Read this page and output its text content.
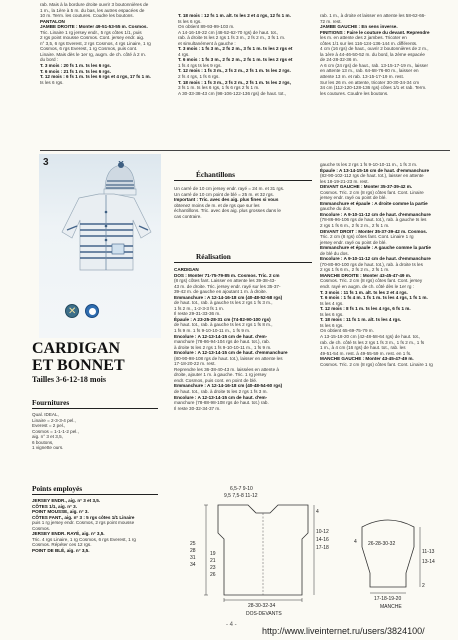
rab. Mais à la bordure droite ouvrir 3 boutonnières de

1 m., la 1ère à 5 m. du bas, les autres espacées de

10 m. Term. les coutures. Coudre les boutons.

PANTALON

JAMBE DROITE : Monter 49-51-53-55 m. Cosmos.

Tric. Linaire 1 rg jersey endr., 5 rgs côtes 1/1, puis

2 rgs point mousse Cosmos. Cont. jersey endr. aig.

n° 3,5, 6 rgs Everest, 2 rgs Cosmos, 4 rgs Linaire, 1 rg

Cosmos, 6 rgs Everest, 1 rg Cosmos, puis cont.

Linaire. Mais dès le 1er rg, augm. de ch. côté à 2 m.

du bord :

T. 3 mois : 20 fs 1 m. ts les 6 rgs.

T. 6 mois : 21 fs 1 m. ts les 6 rgs.

T. 12 mois : 6 fs 1 m. ts les 6 rgs et 4 rgs, 17 fs 1 m.

ts les 6 rgs.

T. 18 mois : 12 fs 1 m. alt. ts les 2 et 4 rgs, 12 fs 1 m.

ts les 6 rgs.

On obtient 89-93-99-103 m.

A 14-16-19-22 cm (48-52-62-70 rgs) de haut. tot.,

rab. à droite ts les 2 rgs 1 fs 3 m., 2 fs 2 m., 3 fs 1 m.

et simultanément à gauche :

T. 3 mois : 1 fs 3 m., 2 fs 2 m., 3 fs 1 m. ts les 2 rgs et

4 rgs.

T. 6 mois : 1 fs 3 m., 2 fs 2 m., 2 fs 1 m. ts les 2 rgs et

1 fs 4 rgs ts les 9 rgs.

T. 12 mois : 1 fs 3 m., 2 fs 2 m., 2 fs 1 m. ts les 2 rgs.

2 fs 4 rgs, 1 fs 6 rgs.

T. 18 mois : 1 fs 3 m., 2 fs 2 m., 2 fs 1 m. ts les 2 rgs,

3 fs 1 m. ts les 6 rgs, 1 fs 6 rgs 2 fs 1 m.

A 30-33-38-43 cm (98-106-122-136 rgs) de haut. tot.,

rab. 1 m., à droite et laisser en attente les 58-62-66-

72 m. rest.

JAMBE GAUCHE : En sens inverse.

FINITIONS : Faire le couture du devant. Reprendre

les m. en attente des 2 jambes. Tricoter en

côtes 1/1 sur les 116-124-136-144 m. différents.

4 cm (16 rgs) de haut., ouvrir 2 boutonnières de 2 m.,

la 1ère à 44-46-50-52 m. du bord, la 2ème espacée

de 24-28-32-36 m.

A 6 cm (24 rgs) de haut., rab. 13-15-17-19 m., laisser

en attente 13 m., rab. 64-68-76-80 m., laisser en

attente 13 m. et rab. 13-15-17-19 m. rest.

Sur les 26 m. en attente, tricoter 30-30-34-34 cm

34 cm (112-120-128-136 rgs) côtes 1/1 et rab. Term.

les coutures. Coudre les boutons.

3
✕
CARDIGAN
ET BONNET
Tailles 3-6-12-18 mois
Fournitures

Qual. IDEAL,

Linaire = 2-3-3-4 pel.,

Everest = 2 pel.,

Cosmos = 1-1-1-2 pel.,

aig. n° 3 et 3,5,

6 boutons,

1 vignette ours.

Points employés

JERSEY ENDR., aig. n° 3 et 3,5.

CÔTES 1/1, aig. n° 3.

POINT MOUSSE, aig. n° 3.

CÔTES FANT., aig. n° 3 : 5 rgs côtes 1/1 Linaire

puis 1 rg jersey endr. Cosmos, 2 rgs point mousse

Cosmos.

JERSEY ENDR. RAYÉ, aig. n° 3,5.

Tric. 4 rgs Linaire, 1 rg Cosmos, 6 rgs Everest, 1 rg

Cosmos. Répéter ces 12 rgs.

POINT DE BLÉ, aig. n° 3,5.

Échantillons

Un carré de 10 cm jersey endr. rayé = 24 m. et 31 rgs.

Un carré de 10 cm point de blé = 25 m. et 32 rgs.

Important : Tric. avec des aig. plus fines si vous

obtenez moins de m. et de rgs que sur les

échantillons. Tric. avec des aig. plus grosses dans le

cas contraire.

Réalisation

CARDIGAN

DOS : Monter 71-75-79-85 m. Cosmos. Tric. 2 cm

(8 rgs) côtes fant. Laisser en attente les 39-38-43-

43 m. de droite. Tric. jersey endr. rayé sur les 35-37-

39-42 m. de gauche en ajoutant 1 m. à droite.

Emmanchure : A 12-14-16-18 cm (40-48-52-58 rgs)

de haut. tot., rab. à gauche ts les 2 rgs 1 fs 3 m.,

1 fs 2 m., 1-2-3-3 fs 1 m.

Il reste 29-31-33-36 m.

Épaule : A 23-25-28-31 cm (74-82-90-100 rgs)

de haut. tot., rab. à gauche ts les 2 rgs 1 fs 8 m.,

1 fs 9 m. 1 fs 9-10-10-11 m., 1 fs 9 m.

Encolure : A 12-13-14-15 cm de haut. d'em-

manchure (78-86-94-104 rgs de haut. tot.), rab.

à droite ts les 2 rgs 1 fs 9-10-10-11 m., 1 fs 9 m.

Encolure : A 12-13-14-15 cm de haut. d'emmanchure

(80-90-98-108 rgs de haut. tot.), laisser en attente les

17-18-20-22 m. rest.

Reprendre les 36-38-40-43 m. laissées en attente à

droite, ajouter 1 m. à gauche. Tric. 1 rg jersey

endr. Cosmos, puis cont. en point de blé.

Emmanchure : A 12-14-16-18 cm (40-48-54-60 rgs)

de haut. tot., rab. à droite ts les 2 rgs 1 fs 3 m.

Encolure : A 12-13-14-15 cm de haut. d'em-

manchure (78-88-98-108 rgs de haut. tot.) rab.

Il reste 30-32-34-37 m.

gauche ts les 2 rgs 1 fs 9-10-10-11 m., 1 fs 3 m.

Épaule : A 13-14-15-16 cm de haut. d'emmanchure

(82-90-102-112 rgs de haut. tot.), laisser en attente

les 18-19-21-23 m. rest.

DEVANT GAUCHE : Monter 35-37-39-42 m.

Cosmos. Tric. 2 cm (8 rgs) côtes fant. Cont. Linaire

jersey endr. rayé ou point de blé.

Emmanchure et épaule : A droite comme la partie

gauche du dos.

Encolure : A 9-10-11-12 cm de haut. d'emmanchure

(78-86-96-106 rgs de haut. tot.), rab. à gauche ts les

2 rgs 1 fs 6 m., 2 fs 2 m., 2 fs 1 m.

DEVANT DROIT : Monter 35-37-39-42 m. Cosmos.

Tric. 2 cm (8 rgs) côtes fant. Cont. Linaire 1 rg

jersey endr. rayé ou point de blé.

Emmanchure et épaule : A gauche comme la partie

de blé du dos.

Encolure : A 9-10-11-12 cm de haut. d'emmanchure

(70-80-90-100 rgs de haut. tot.), rab. à droite ts les

2 rgs 1 fs 6 m., 2 fs 2 m., 2 fs 1 m.

MANCHE DROITE : Monter 43-45-47-49 m.

Cosmos. Tric. 2 cm (8 rgs) côtes fant. Cont. jersey

endr. rayé en augm. de ch. côté dès le 1er rg :

T. 3 mois : 11 fs 1 m. alt. ts les 2 et 4 rgs.

T. 6 mois : 1 fs 4 m. 1 fs 1 m. ts les 4 rgs, 1 fs 1 m.

ts les 4 rgs.

T. 12 mois : 8 fs 1 m. ts les 4 rgs, 6 fs 1 m.

ts les 6 rgs.

T. 18 mois : 11 fs 1 m. alt. ts les 4 rgs.

ts les 6 rgs.

On obtient 65-69-75-79 m.

A 13-15-18-20 cm (42-48-58-64 rgs) de haut. tot.,

rab. de ch. côté ts les 2 rgs 1 fs 3 m., 1 fs 2 m., 1 fs

1 m., à 4 cm (16 rgs) de haut. tot., rab. les

49-51-54 m. rest. à 49-55-59 m. rest. en 1 fs.

MANCHE GAUCHE : Monter 43-45-47-49 m.

Cosmos. Tric. 2 cm (8 rgs) côtes fant. Cont. Linaire 1 rg

6,5-7 9-10
9,5 7,5-8 11-12
25
28
31
34
19
21
23
26
4
10-12
14-16
17-18
28-30-32-34
DOS-DEVANTS
26-28-30-32
11-13
13-14
4
2
17-18-19-20
MANCHE
- 4 -
http://www.liveinternet.ru/users/3824100/
